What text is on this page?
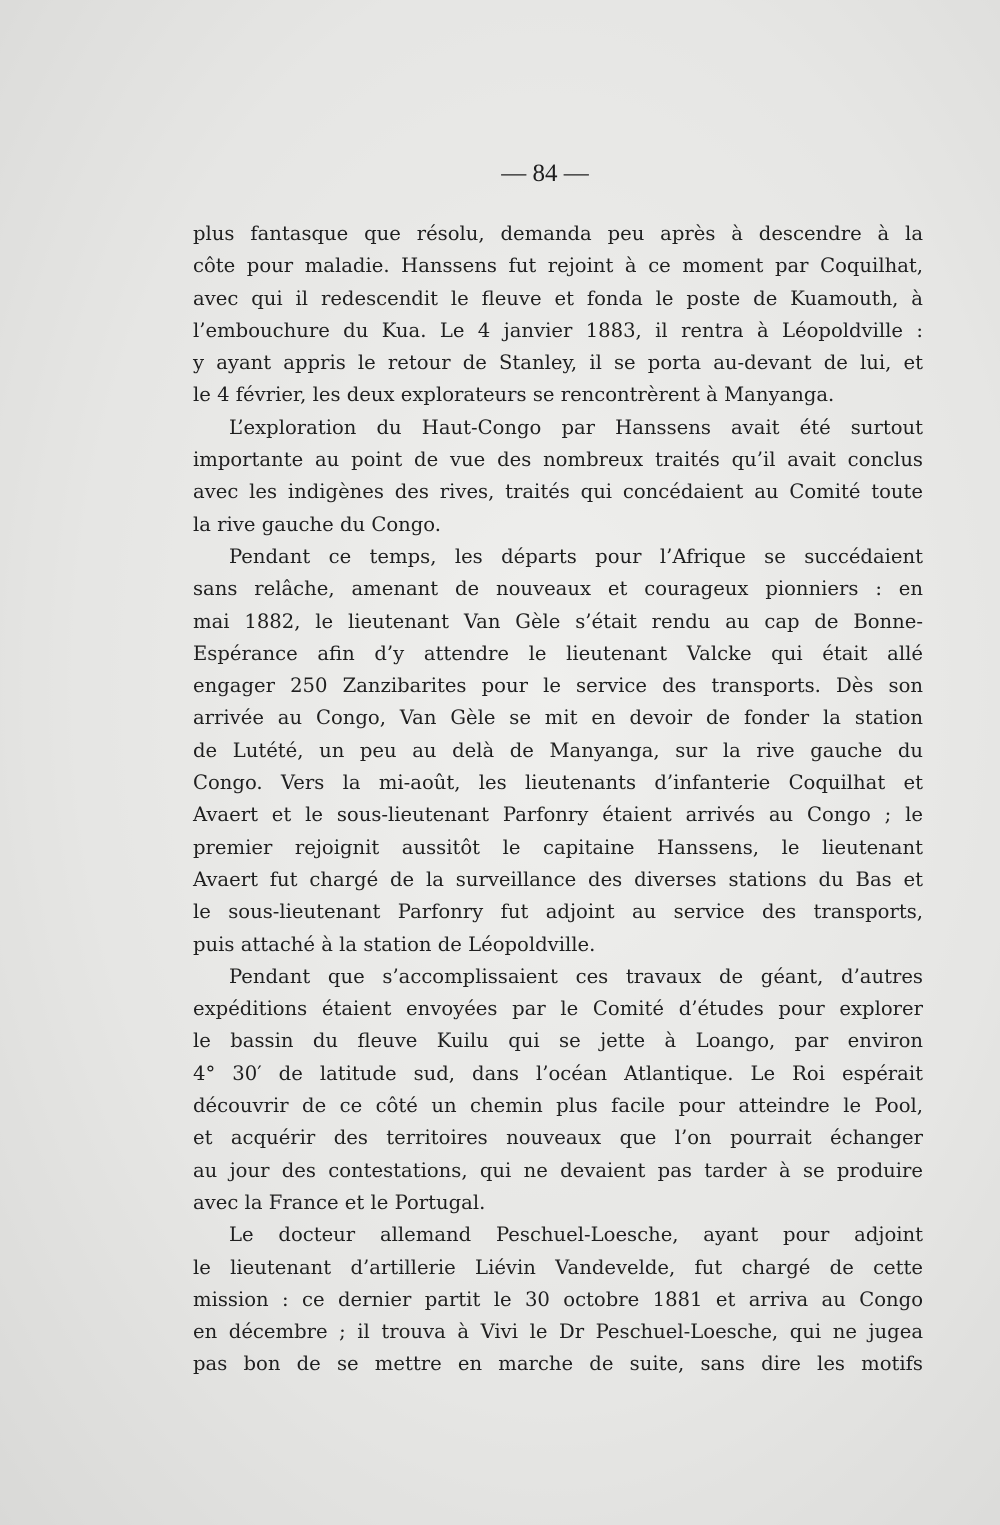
— 84 —
plus fantasque que résolu, demanda peu après à descendre à la
côte pour maladie. Hanssens fut rejoint à ce moment par Coquilhat,
avec qui il redescendit le fleuve et fonda le poste de Kuamouth, à
l’embouchure du Kua. Le 4 janvier 1883, il rentra à Léopoldville :
y ayant appris le retour de Stanley, il se porta au-devant de lui, et
le 4 février, les deux explorateurs se rencontrèrent à Manyanga.
L’exploration du Haut-Congo par Hanssens avait été surtout
importante au point de vue des nombreux traités qu’il avait conclus
avec les indigènes des rives, traités qui concédaient au Comité toute
la rive gauche du Congo.
Pendant ce temps, les départs pour l’Afrique se succédaient
sans relâche, amenant de nouveaux et courageux pionniers : en
mai 1882, le lieutenant Van Gèle s’était rendu au cap de Bonne-
Espérance afin d’y attendre le lieutenant Valcke qui était allé
engager 250 Zanzibarites pour le service des transports. Dès son
arrivée au Congo, Van Gèle se mit en devoir de fonder la station
de Lutété, un peu au delà de Manyanga, sur la rive gauche du
Congo. Vers la mi-août, les lieutenants d’infanterie Coquilhat et
Avaert et le sous-lieutenant Parfonry étaient arrivés au Congo ; le
premier rejoignit aussitôt le capitaine Hanssens, le lieutenant
Avaert fut chargé de la surveillance des diverses stations du Bas et
le sous-lieutenant Parfonry fut adjoint au service des transports,
puis attaché à la station de Léopoldville.
Pendant que s’accomplissaient ces travaux de géant, d’autres
expéditions étaient envoyées par le Comité d’études pour explorer
le bassin du fleuve Kuilu qui se jette à Loango, par environ
4° 30′ de latitude sud, dans l’océan Atlantique. Le Roi espérait
découvrir de ce côté un chemin plus facile pour atteindre le Pool,
et acquérir des territoires nouveaux que l’on pourrait échanger
au jour des contestations, qui ne devaient pas tarder à se produire
avec la France et le Portugal.
Le docteur allemand Peschuel-Loesche, ayant pour adjoint
le lieutenant d’artillerie Liévin Vandevelde, fut chargé de cette
mission : ce dernier partit le 30 octobre 1881 et arriva au Congo
en décembre ; il trouva à Vivi le Dr Peschuel-Loesche, qui ne jugea
pas bon de se mettre en marche de suite, sans dire les motifs
